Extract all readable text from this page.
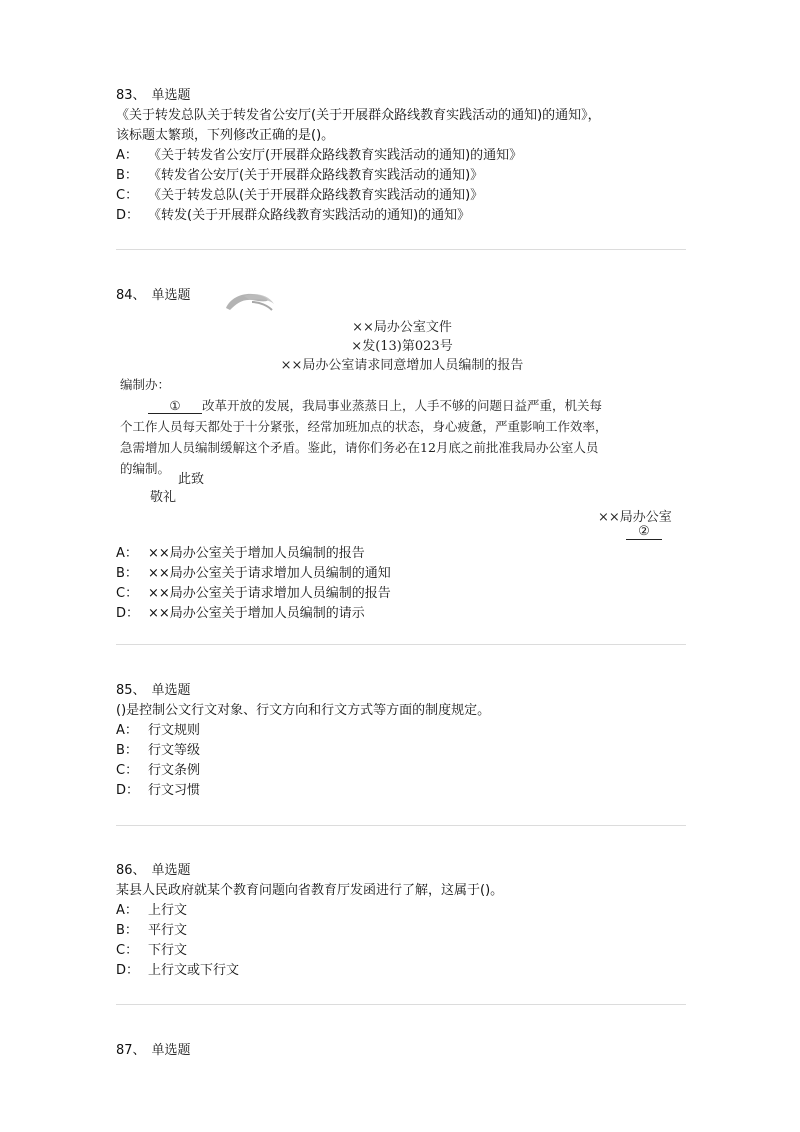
83、 单选题
《关于转发总队关于转发省公安厅(关于开展群众路线教育实践活动的通知)的通知》，
该标题太繁琐，下列修改正确的是()。
A： 《关于转发省公安厅(开展群众路线教育实践活动的通知)的通知》
B： 《转发省公安厅(关于开展群众路线教育实践活动的通知)》
C： 《关于转发总队(关于开展群众路线教育实践活动的通知)》
D： 《转发(关于开展群众路线教育实践活动的通知)的通知》
84、 单选题
××局办公室文件
×发(13)第023号
××局办公室请求同意增加人员编制的报告
编制办：
① 改革开放的发展，我局事业蒸蒸日上，人手不够的问题日益严重，机关每
个工作人员每天都处于十分紧张，经常加班加点的状态，身心疲惫，严重影响工作效率，
急需增加人员编制缓解这个矛盾。鉴此，请你们务必在12月底之前批准我局办公室人员
的编制。
此致
敬礼
××局办公室
②
A： ××局办公室关于增加人员编制的报告
B： ××局办公室关于请求增加人员编制的通知
C： ××局办公室关于请求增加人员编制的报告
D： ××局办公室关于增加人员编制的请示
85、 单选题
()是控制公文行文对象、行文方向和行文方式等方面的制度规定。
A： 行文规则
B： 行文等级
C： 行文条例
D： 行文习惯
86、 单选题
某县人民政府就某个教育问题向省教育厅发函进行了解，这属于()。
A： 上行文
B： 平行文
C： 下行文
D： 上行文或下行文
87、 单选题
